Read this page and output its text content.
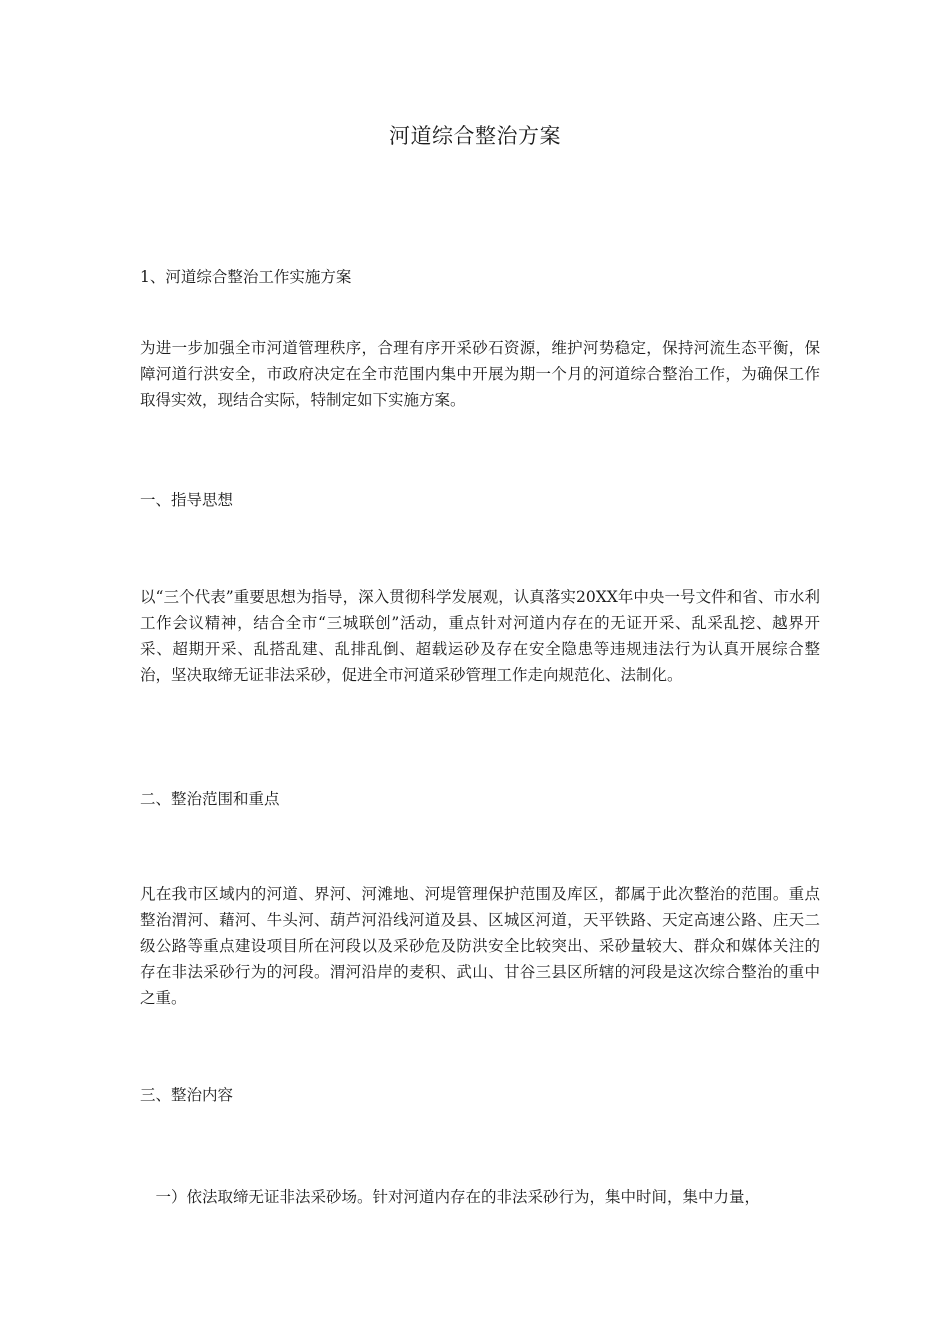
河道综合整治方案
1、河道综合整治工作实施方案
为进一步加强全市河道管理秩序，合理有序开采砂石资源，维护河势稳定，保持河流生态平衡，保障河道行洪安全，市政府决定在全市范围内集中开展为期一个月的河道综合整治工作，为确保工作取得实效，现结合实际，特制定如下实施方案。
一、指导思想
以“三个代表”重要思想为指导，深入贯彻科学发展观，认真落实20XX年中央一号文件和省、市水利工作会议精神，结合全市“三城联创”活动，重点针对河道内存在的无证开采、乱采乱挖、越界开采、超期开采、乱搭乱建、乱排乱倒、超载运砂及存在安全隐患等违规违法行为认真开展综合整治，坚决取缔无证非法采砂，促进全市河道采砂管理工作走向规范化、法制化。
二、整治范围和重点
凡在我市区域内的河道、界河、河滩地、河堤管理保护范围及库区，都属于此次整治的范围。重点整治渭河、藉河、牛头河、葫芦河沿线河道及县、区城区河道，天平铁路、天定高速公路、庄天二级公路等重点建设项目所在河段以及采砂危及防洪安全比较突出、采砂量较大、群众和媒体关注的存在非法采砂行为的河段。渭河沿岸的麦积、武山、甘谷三县区所辖的河段是这次综合整治的重中之重。
三、整治内容
　一）依法取缔无证非法采砂场。针对河道内存在的非法采砂行为，集中时间，集中力量，
